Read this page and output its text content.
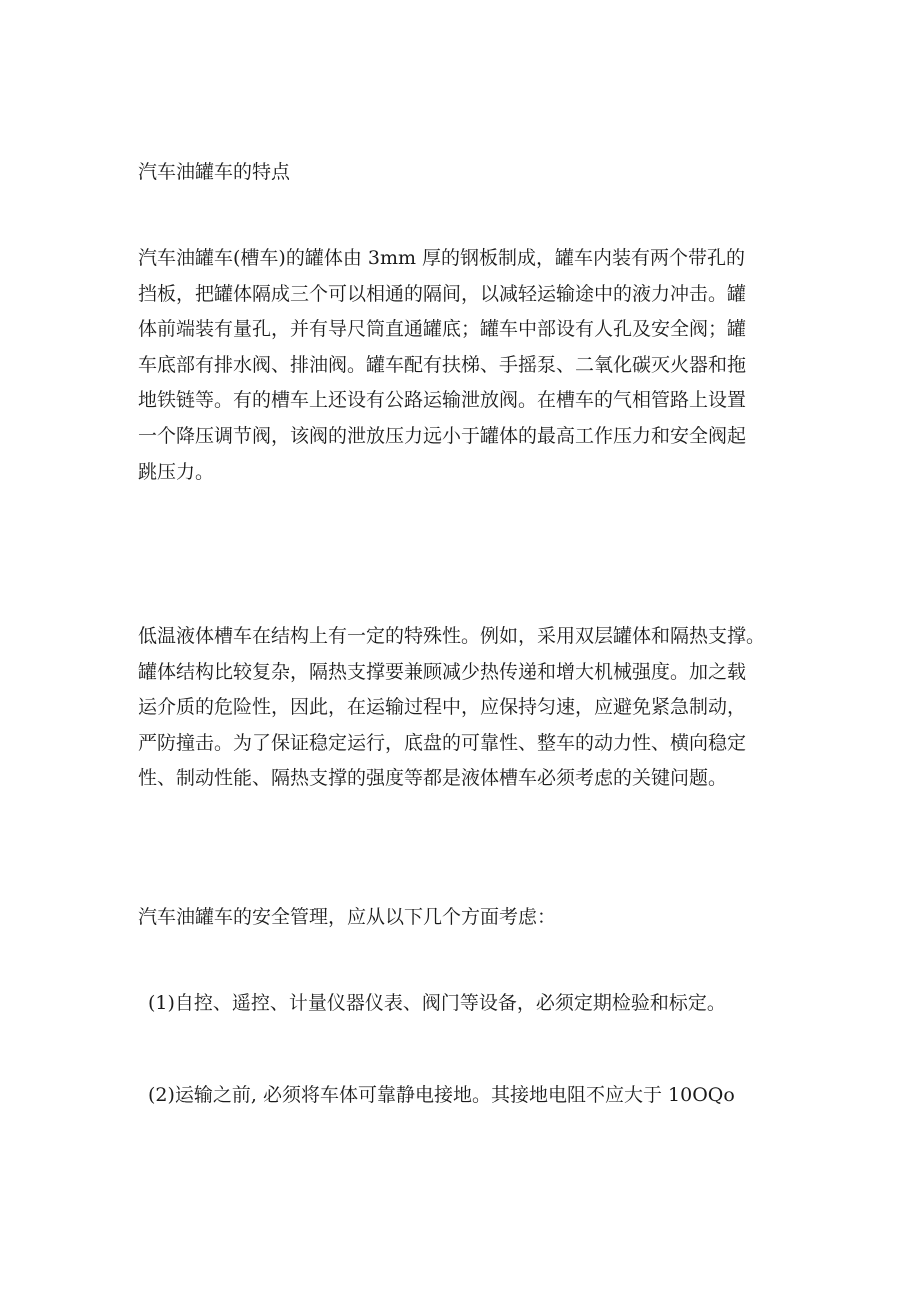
汽车油罐车的特点
汽车油罐车(槽车)的罐体由 3mm 厚的钢板制成，罐车内装有两个带孔的
挡板，把罐体隔成三个可以相通的隔间，以减轻运输途中的液力冲击。罐
体前端装有量孔，并有导尺筒直通罐底；罐车中部设有人孔及安全阀；罐
车底部有排水阀、排油阀。罐车配有扶梯、手摇泵、二氧化碳灭火器和拖
地铁链等。有的槽车上还设有公路运输泄放阀。在槽车的气相管路上设置
一个降压调节阀，该阀的泄放压力远小于罐体的最高工作压力和安全阀起
跳压力。
低温液体槽车在结构上有一定的特殊性。例如，采用双层罐体和隔热支撑。
罐体结构比较复杂，隔热支撑要兼顾减少热传递和增大机械强度。加之载
运介质的危险性，因此，在运输过程中，应保持匀速，应避免紧急制动，
严防撞击。为了保证稳定运行，底盘的可靠性、整车的动力性、横向稳定
性、制动性能、隔热支撑的强度等都是液体槽车必须考虑的关键问题。
汽车油罐车的安全管理，应从以下几个方面考虑：
(1)自控、遥控、计量仪器仪表、阀门等设备，必须定期检验和标定。
(2)运输之前, 必须将车体可靠静电接地。其接地电阻不应大于 10OQo
